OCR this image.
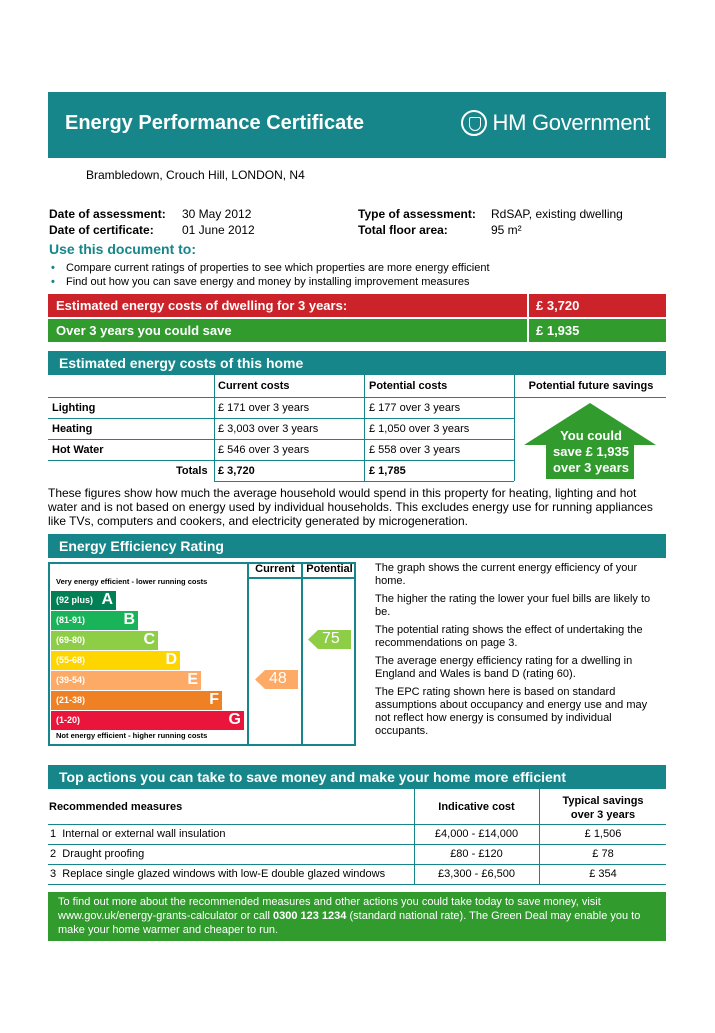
Energy Performance Certificate	HM Government
Brambledown, Crouch Hill, LONDON, N4
Date of assessment: 30 May 2012
Date of certificate: 01 June 2012
Type of assessment: RdSAP, existing dwelling
Total floor area:	95 m²
Use this document to:
• Compare current ratings of properties to see which properties are more energy efficient
• Find out how you can save energy and money by installing improvement measures
Estimated energy costs of dwelling for 3 years:	£ 3,720
Over 3 years you could save	£ 1,935
Estimated energy costs of this home
Current costs	Potential costs	Potential future savings
Lighting	£ 171 over 3 years	£ 177 over 3 years
Heating	£ 3,003 over 3 years	£ 1,050 over 3 years
Hot Water	£ 546 over 3 years	£ 558 over 3 years
Totals £ 3,720	£ 1,785
You could
save £ 1,935
over 3 years
These figures show how much the average household would spend in this property for heating, lighting and hot water and is not based on energy used by individual households. This excludes energy use for running appliances like TVs, computers and cookers, and electricity generated by microgeneration.
Energy Efficiency Rating
Current	Potential
Very energy efficient - lower running costs
Not energy efficient - higher running costs
(92 plus) A
(81-91) B
(69-80)	C
(55-68)	D
(39-54)	E
(21-38)	F
(1-20)	G
48
75

The graph shows the current energy efficiency of your home.

The higher the rating the lower your fuel bills are likely to be.

The potential rating shows the effect of undertaking the recommendations on page 3.

The average energy efficiency rating for a dwelling in England and Wales is band D (rating 60).

The EPC rating shown here is based on standard assumptions about occupancy and energy use and may not reflect how energy is consumed by individual occupants.

Top actions you can take to save money and make your home more efficient
Recommended measures	Indicative cost	Typical savings
over 3 years
1 Internal or external wall insulation	£4,000 - £14,000	£ 1,506
2 Draught proofing	£80 - £120	£ 78
3 Replace single glazed windows with low-E double glazed windows	£3,300 - £6,500	£ 354
To find out more about the recommended measures and other actions you could take today to save money, visit
www.gov.uk/energy-grants-calculator or call 0300 123 1234 (standard national rate). The Green Deal may enable you to
make your home warmer and cheaper to run.
